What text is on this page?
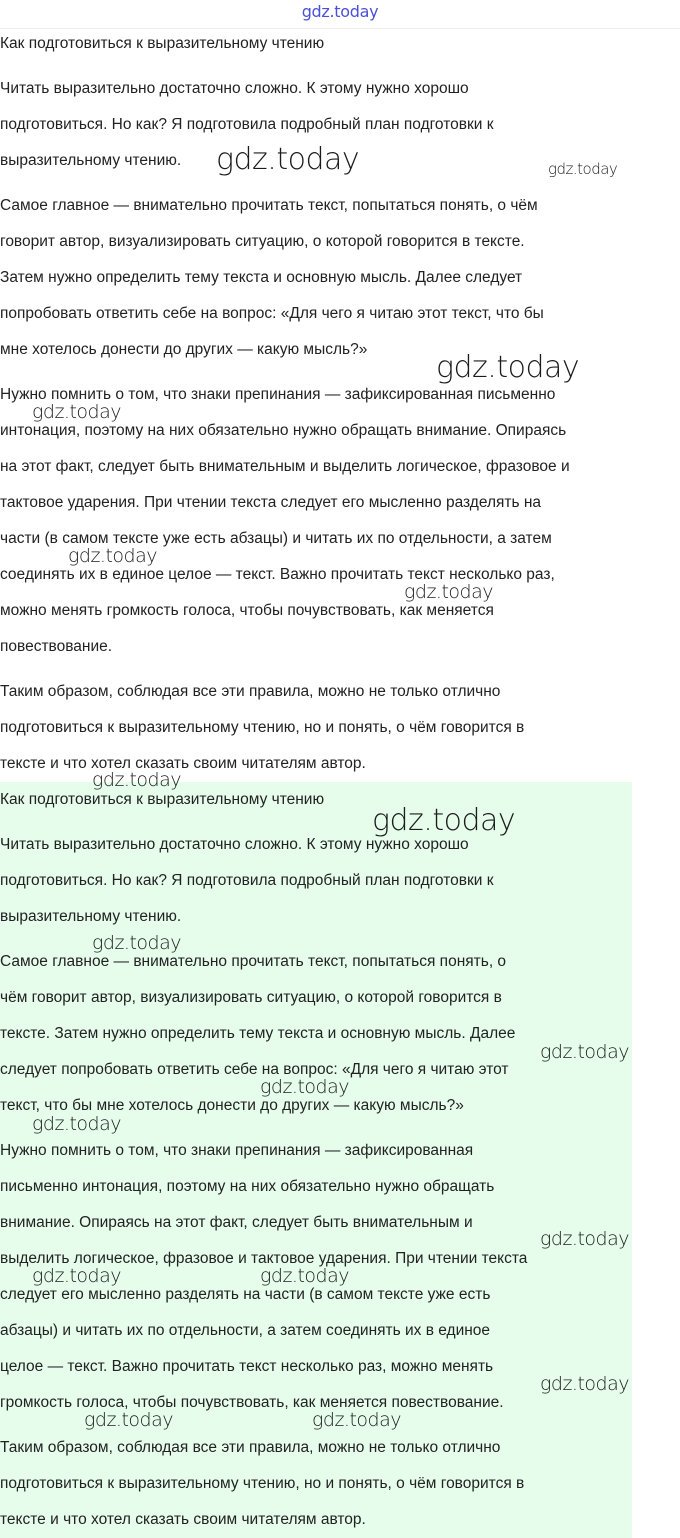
gdz.today
Как подготовиться к выразительному чтению
Читать выразительно достаточно сложно. К этому нужно хорошо
подготовиться. Но как? Я подготовила подробный план подготовки к
выразительному чтению.
Самое главное — внимательно прочитать текст, попытаться понять, о чём
говорит автор, визуализировать ситуацию, о которой говорится в тексте.
Затем нужно определить тему текста и основную мысль. Далее следует
попробовать ответить себе на вопрос: «Для чего я читаю этот текст, что бы
мне хотелось донести до других — какую мысль?»
Нужно помнить о том, что знаки препинания — зафиксированная письменно
интонация, поэтому на них обязательно нужно обращать внимание. Опираясь
на этот факт, следует быть внимательным и выделить логическое, фразовое и
тактовое ударения. При чтении текста следует его мысленно разделять на
части (в самом тексте уже есть абзацы) и читать их по отдельности, а затем
соединять их в единое целое — текст. Важно прочитать текст несколько раз,
можно менять громкость голоса, чтобы почувствовать, как меняется
повествование.
Таким образом, соблюдая все эти правила, можно не только отлично
подготовиться к выразительному чтению, но и понять, о чём говорится в
тексте и что хотел сказать своим читателям автор.
Как подготовиться к выразительному чтению
Читать выразительно достаточно сложно. К этому нужно хорошо
подготовиться. Но как? Я подготовила подробный план подготовки к
выразительному чтению.
Самое главное — внимательно прочитать текст, попытаться понять, о
чём говорит автор, визуализировать ситуацию, о которой говорится в
тексте. Затем нужно определить тему текста и основную мысль. Далее
следует попробовать ответить себе на вопрос: «Для чего я читаю этот
текст, что бы мне хотелось донести до других — какую мысль?»
Нужно помнить о том, что знаки препинания — зафиксированная
письменно интонация, поэтому на них обязательно нужно обращать
внимание. Опираясь на этот факт, следует быть внимательным и
выделить логическое, фразовое и тактовое ударения. При чтении текста
следует его мысленно разделять на части (в самом тексте уже есть
абзацы) и читать их по отдельности, а затем соединять их в единое
целое — текст. Важно прочитать текст несколько раз, можно менять
громкость голоса, чтобы почувствовать, как меняется повествование.
Таким образом, соблюдая все эти правила, можно не только отлично
подготовиться к выразительному чтению, но и понять, о чём говорится в
тексте и что хотел сказать своим читателям автор.
gdz.today	gdz.today
gdz.today
gdz.today
gdz.today
gdz.today
gdz.today
gdz.today
gdz.today
gdz.today
gdz.today
gdz.today
gdz.today
gdz.today	gdz.today
gdz.today
gdz.today	gdz.today
